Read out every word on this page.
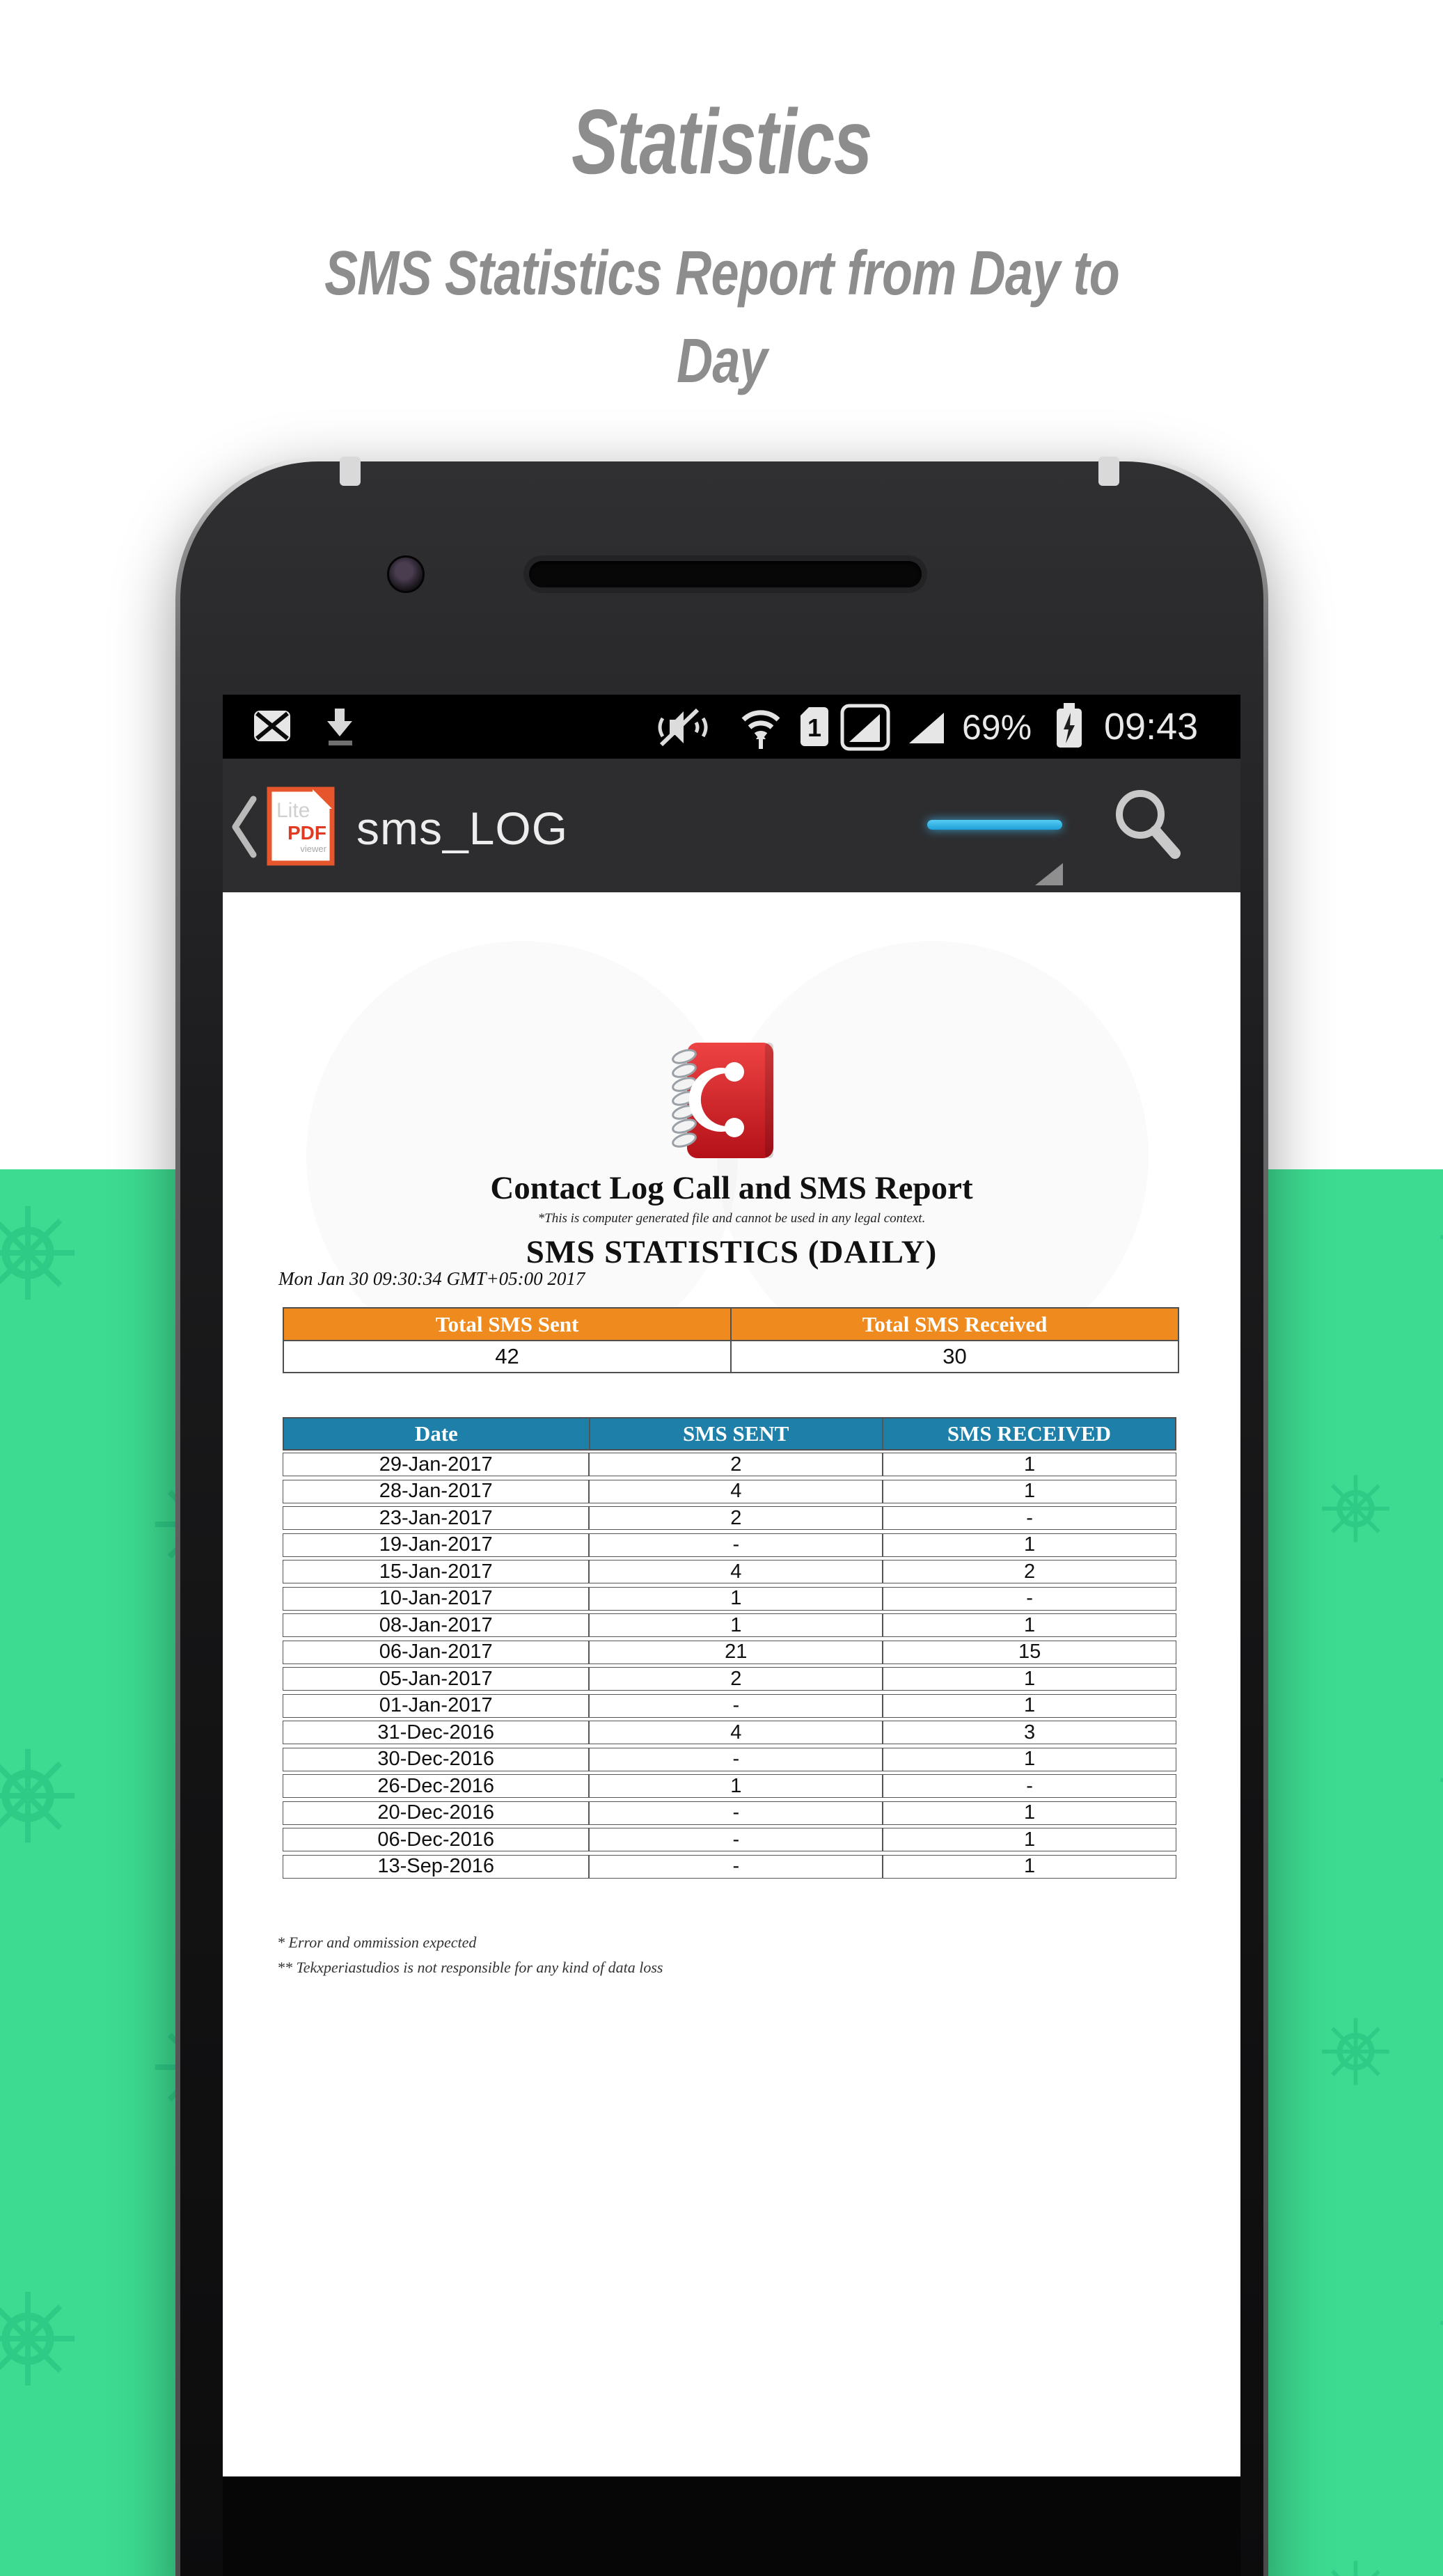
Statistics
SMS Statistics Report from Day to Day
1	69% 09:43
Lite
PDF
viewer sms_LOG
Contact Log Call and SMS Report
*This is computer generated file and cannot be used in any legal context.
SMS STATISTICS (DAILY)
Mon Jan 30 09:30:34 GMT+05:00 2017
Total SMS Sent	Total SMS Received
42	30
Date	SMS SENT	SMS RECEIVED
29-Jan-2017	2	1
28-Jan-2017	4	1
23-Jan-2017	2	-
19-Jan-2017	-	1
15-Jan-2017	4	2
10-Jan-2017	1	-
08-Jan-2017	1	1
06-Jan-2017	21	15
05-Jan-2017	2	1
01-Jan-2017	-	1
31-Dec-2016	4	3
30-Dec-2016	-	1
26-Dec-2016	1	-
20-Dec-2016	-	1
06-Dec-2016	-	1
13-Sep-2016	-	1
* Error and ommission expected
** Tekxperiastudios is not responsible for any kind of data loss
